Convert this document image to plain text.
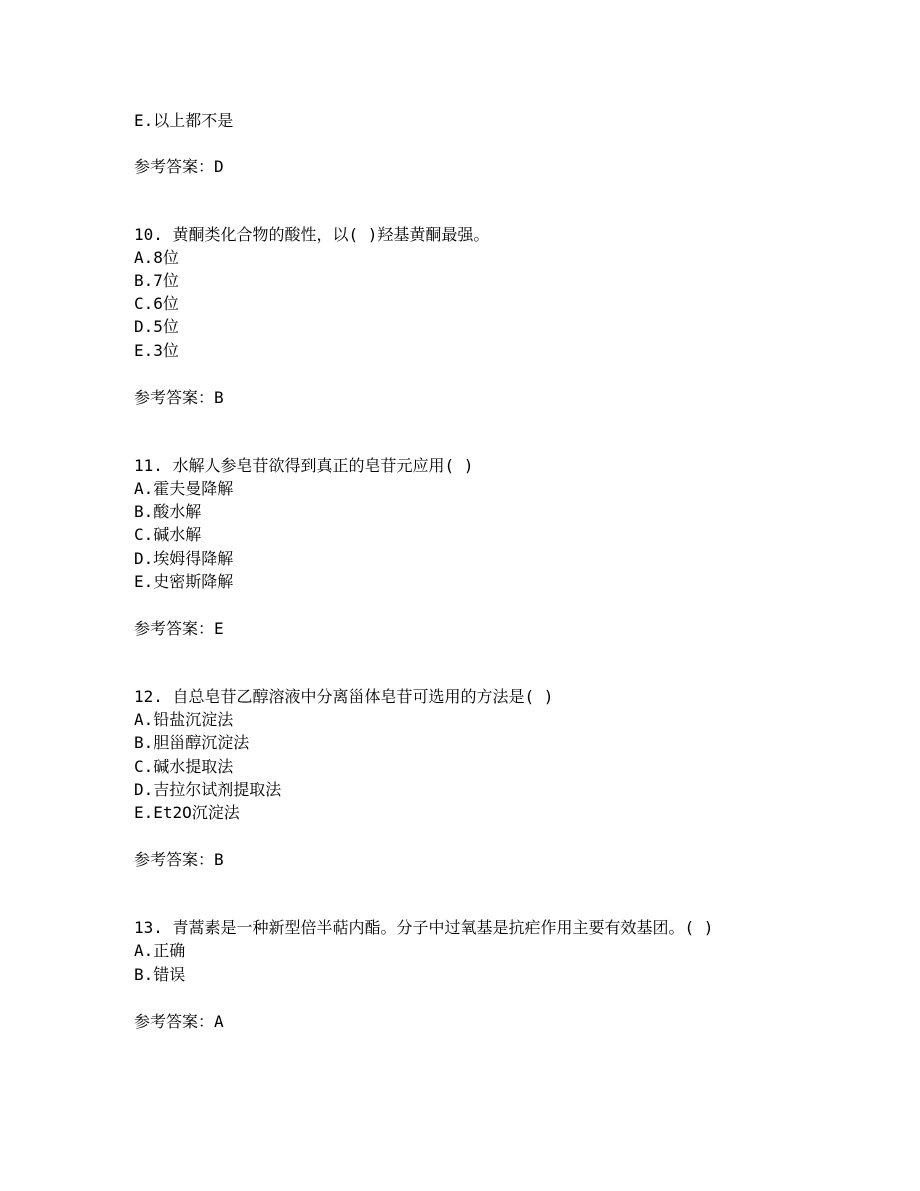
E.以上都不是
参考答案：D
10. 黄酮类化合物的酸性，以( )羟基黄酮最强。
A.8位
B.7位
C.6位
D.5位
E.3位
参考答案：B
11. 水解人参皂苷欲得到真正的皂苷元应用( )
A.霍夫曼降解
B.酸水解
C.碱水解
D.埃姆得降解
E.史密斯降解
参考答案：E
12. 自总皂苷乙醇溶液中分离甾体皂苷可选用的方法是( )
A.铅盐沉淀法
B.胆甾醇沉淀法
C.碱水提取法
D.吉拉尔试剂提取法
E.Et2O沉淀法
参考答案：B
13. 青蒿素是一种新型倍半萜内酯。分子中过氧基是抗疟作用主要有效基团。( )
A.正确
B.错误
参考答案：A
